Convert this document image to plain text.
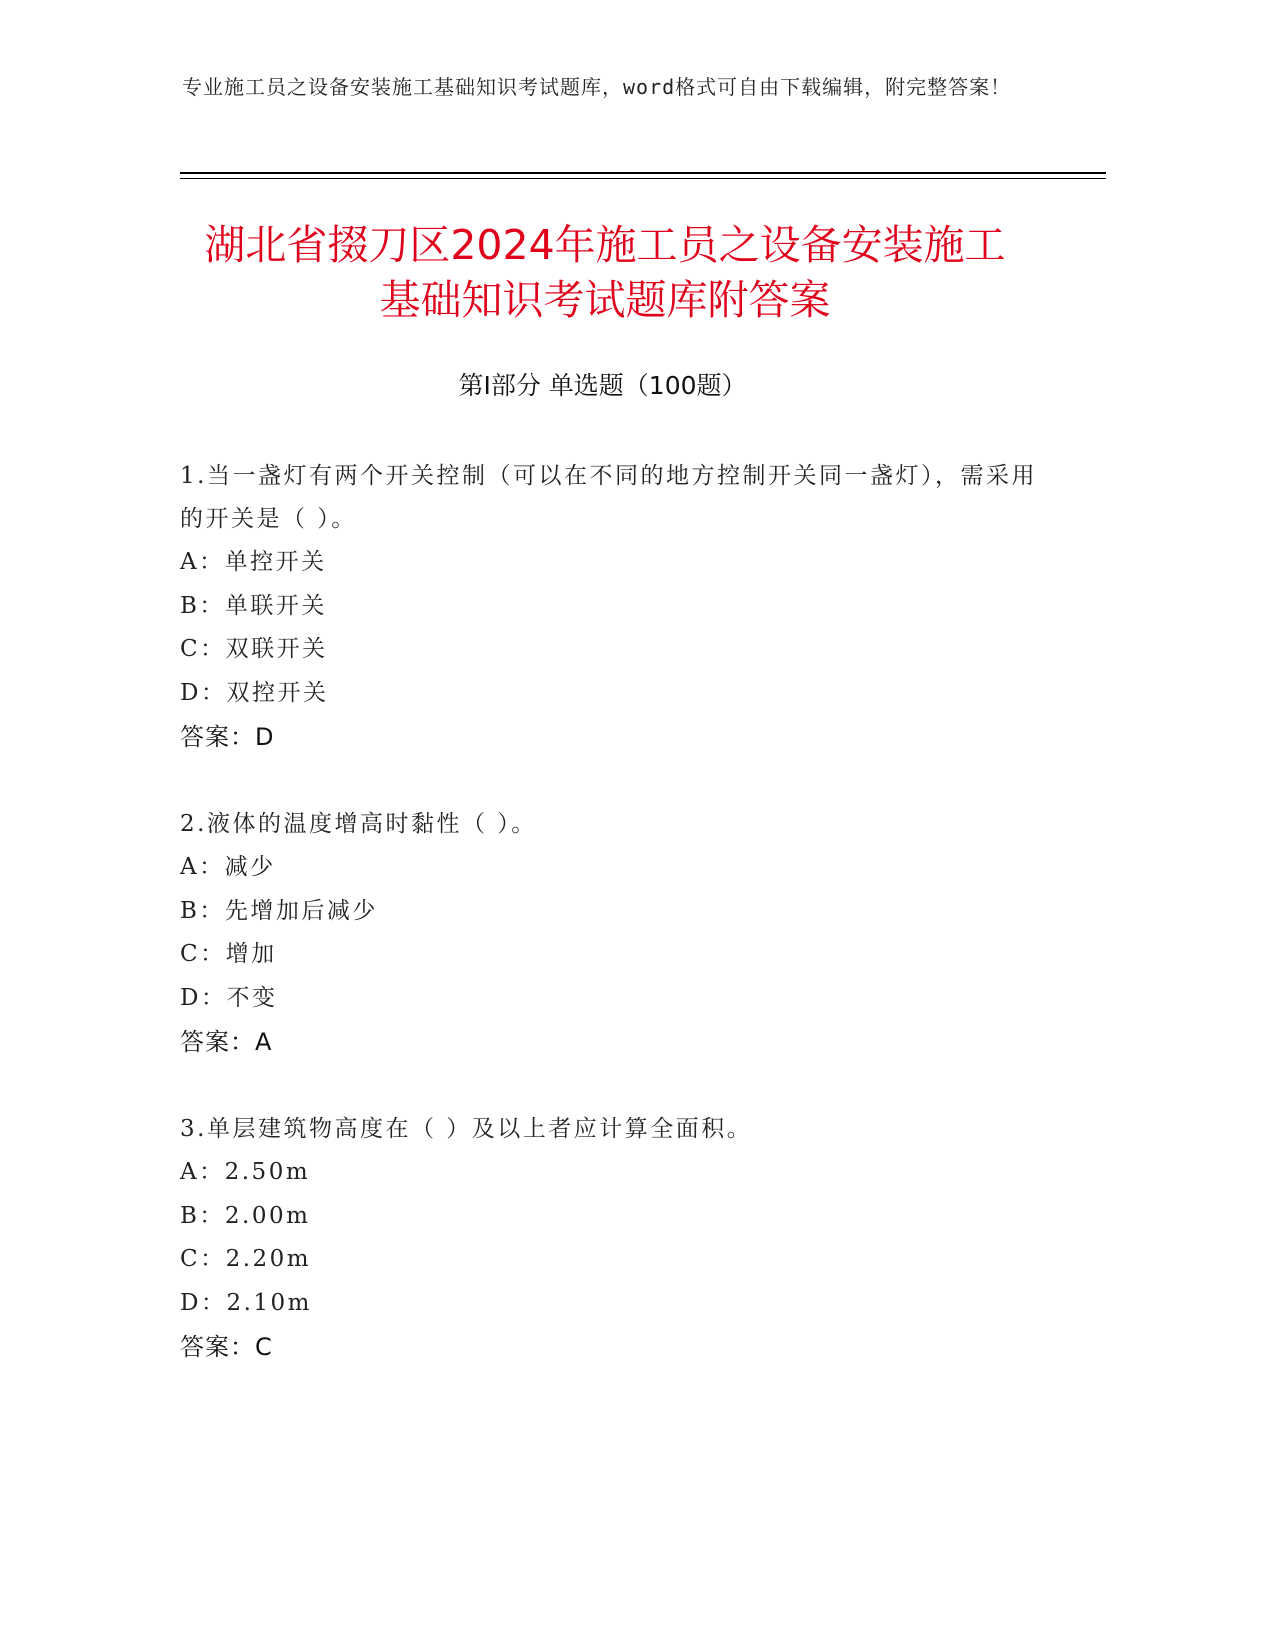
专业施工员之设备安装施工基础知识考试题库，word格式可自由下载编辑，附完整答案！
湖北省掇刀区2024年施工员之设备安装施工
基础知识考试题库附答案
第Ⅰ部分 单选题（100题）
1.当一盏灯有两个开关控制（可以在不同的地方控制开关同一盏灯），需采用的开关是（ ）。
A：单控开关
B：单联开关
C：双联开关
D：双控开关
答案：D
2.液体的温度增高时黏性（ ）。
A：减少
B：先增加后减少
C：增加
D：不变
答案：A
3.单层建筑物高度在（ ）及以上者应计算全面积。
A：2.50m
B：2.00m
C：2.20m
D：2.10m
答案：C
